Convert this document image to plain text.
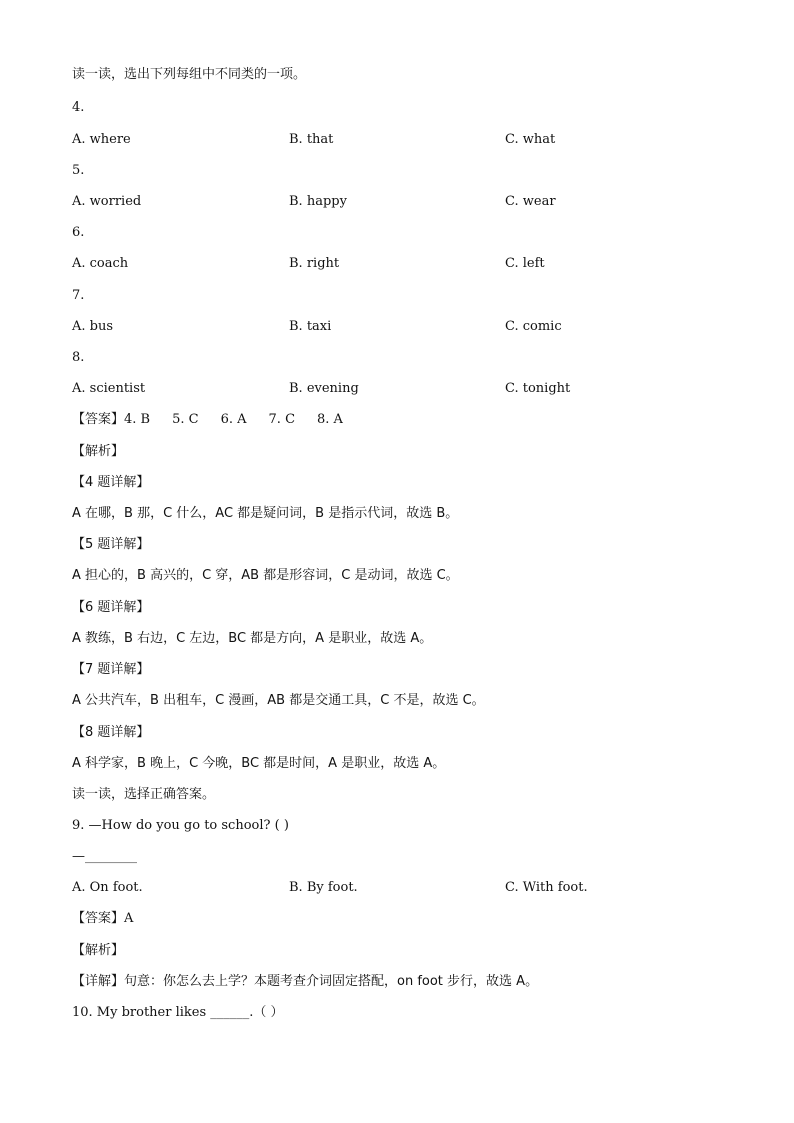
读一读，选出下列每组中不同类的一项。
4.
A. where	B. that	C. what
5.
A. worried	B. happy	C. wear
6.
A. coach	B. right	C. left
7.
A. bus	B. taxi	C. comic
8.
A. scientist	B. evening	C. tonight
【答案】4. B 5. C 6. A 7. C 8. A
【解析】
【4 题详解】
A 在哪，B 那，C 什么，AC 都是疑问词，B 是指示代词，故选 B。
【5 题详解】
A 担心的，B 高兴的，C 穿，AB 都是形容词，C 是动词，故选 C。
【6 题详解】
A 教练，B 右边，C 左边，BC 都是方向，A 是职业，故选 A。
【7 题详解】
A 公共汽车，B 出租车，C 漫画，AB 都是交通工具，C 不是，故选 C。
【8 题详解】
A 科学家，B 晚上，C 今晚，BC 都是时间，A 是职业，故选 A。
读一读，选择正确答案。
9. —How do you go to school? ( )
—________
A. On foot.	B. By foot.	C. With foot.
【答案】A
【解析】
【详解】句意：你怎么去上学？本题考查介词固定搭配，on foot 步行，故选 A。
10. My brother likes ______.（ ）
